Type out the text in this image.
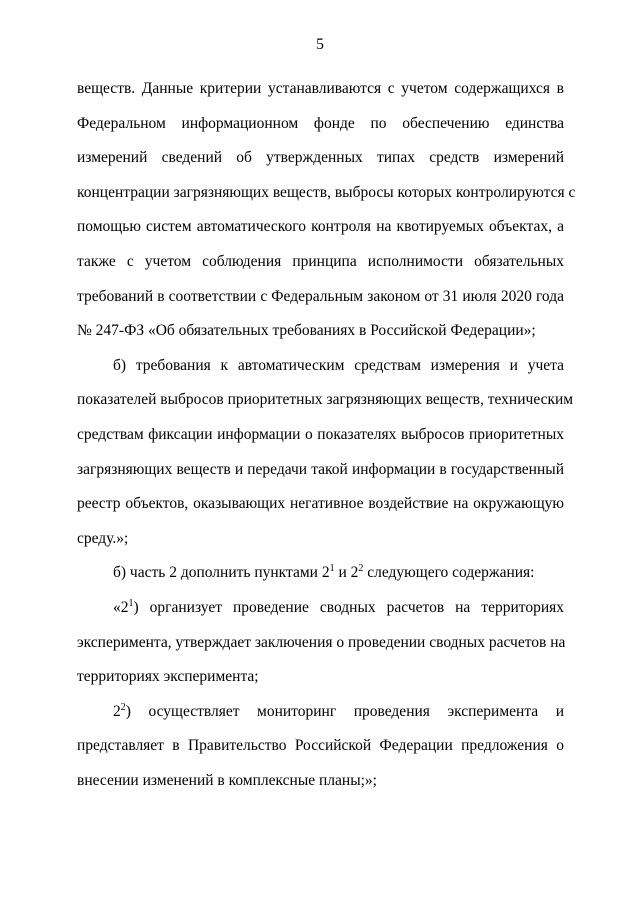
5
веществ. Данные критерии устанавливаются с учетом содержащихся в
Федеральном информационном фонде по обеспечению единства
измерений сведений об утвержденных типах средств измерений
концентрации загрязняющих веществ, выбросы которых контролируются с
помощью систем автоматического контроля на квотируемых объектах, а
также с учетом соблюдения принципа исполнимости обязательных
требований в соответствии с Федеральным законом от 31 июля 2020 года
№ 247-ФЗ «Об обязательных требованиях в Российской Федерации»;
б) требования к автоматическим средствам измерения и учета
показателей выбросов приоритетных загрязняющих веществ, техническим
средствам фиксации информации о показателях выбросов приоритетных
загрязняющих веществ и передачи такой информации в государственный
реестр объектов, оказывающих негативное воздействие на окружающую
среду.»;
б) часть 2 дополнить пунктами $2^1$ и $2^2$ следующего содержания:
«$2^1$) организует проведение сводных расчетов на территориях
эксперимента, утверждает заключения о проведении сводных расчетов на
территориях эксперимента;
$2^2$) осуществляет мониторинг проведения эксперимента и
представляет в Правительство Российской Федерации предложения о
внесении изменений в комплексные планы;»;
